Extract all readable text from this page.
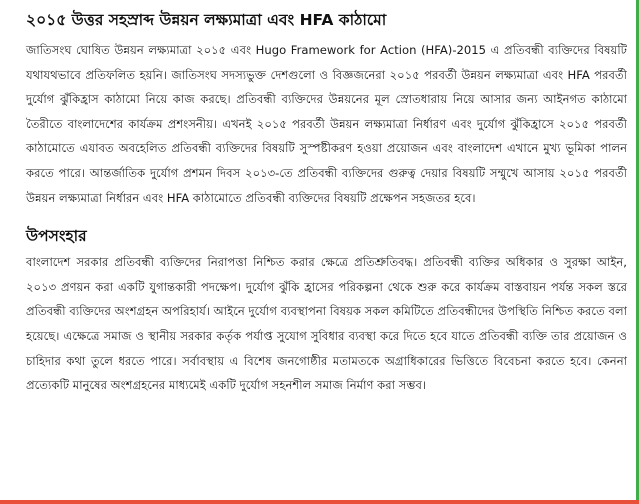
২০১৫ উত্তর সহস্রাব্দ উন্নয়ন লক্ষ্যমাত্রা এবং HFA কাঠামো

জাতিসংঘ ঘোষিত উন্নয়ন লক্ষ্যমাত্রা ২০১৫ এবং Hugo Framework for Action (HFA)-2015 এ প্রতিবন্ধী ব্যক্তিদের বিষয়টি যথাযথভাবে প্রতিফলিত হয়নি। জাতিসংঘ সদস্যভুক্ত দেশগুলো ও বিজ্ঞজনেরা ২০১৫ পরবর্তী উন্নয়ন লক্ষ্যমাত্রা এবং HFA পরবর্তী দুর্যোগ ঝুঁকিহ্রাস কাঠামো নিয়ে কাজ করছে। প্রতিবন্ধী ব্যক্তিদের উন্নয়নের মূল স্রোতধারায় নিয়ে আসার জন্য আইনগত কাঠামো তৈরীতে বাংলাদেশের কার্যক্রম প্রশংসনীয়। এখনই ২০১৫ পরবর্তী উন্নয়ন লক্ষ্যমাত্রা নির্ধারণ এবং দুর্যোগ ঝুঁকিহ্রাসে ২০১৫ পরবর্তী কাঠামোতে এযাবত অবহেলিত প্রতিবন্ধী ব্যক্তিদের বিষয়টি সুস্পষ্টীকরণ হওয়া প্রয়োজন এবং বাংলাদেশ এখানে মুখ্য ভূমিকা পালন করতে পারে। আন্তর্জাতিক দুর্যোগ প্রশমন দিবস ২০১৩-তে প্রতিবন্ধী ব্যক্তিদের গুরুত্ব দেয়ার বিষয়টি সম্মুখে আসায় ২০১৫ পরবর্তী উন্নয়ন লক্ষ্যমাত্রা নির্ধারন এবং HFA কাঠামোতে প্রতিবন্ধী ব্যক্তিদের বিষয়টি প্রক্ষেপন সহজতর হবে।

উপসংহার

বাংলাদেশ সরকার প্রতিবন্ধী ব্যক্তিদের নিরাপত্তা নিশ্চিত করার ক্ষেত্রে প্রতিশ্রুতিবদ্ধ। প্রতিবন্ধী ব্যক্তির অধিকার ও সুরক্ষা আইন, ২০১৩ প্রণয়ন করা একটি যুগান্তকারী পদক্ষেপ। দুর্যোগ ঝুঁকি হ্রাসের পরিকল্পনা থেকে শুরু করে কার্যক্রম বাস্তবায়ন পর্যন্ত সকল স্তরে প্রতিবন্ধী ব্যক্তিদের অংশগ্রহন অপরিহার্য। আইনে দুর্যোগ ব্যবস্থাপনা বিষয়ক সকল কমিটিতে প্রতিবন্ধীদের উপস্থিতি নিশ্চিত করতে বলা হয়েছে। এক্ষেত্রে সমাজ ও স্থানীয় সরকার কর্তৃক পর্যাপ্ত সুযোগ সুবিধার ব্যবস্থা করে দিতে হবে যাতে প্রতিবন্ধী ব্যক্তি তার প্রয়োজন ও চাহিদার কথা তুলে ধরতে পারে। সর্বাবস্থায় এ বিশেষ জনগোষ্ঠীর মতামতকে অগ্রাধিকারের ভিত্তিতে বিবেচনা করতে হবে। কেননা প্রত্যেকটি মানুষের অংশগ্রহনের মাধ্যমেই একটি দুর্যোগ সহনশীল সমাজ নির্মাণ করা সম্ভব।
